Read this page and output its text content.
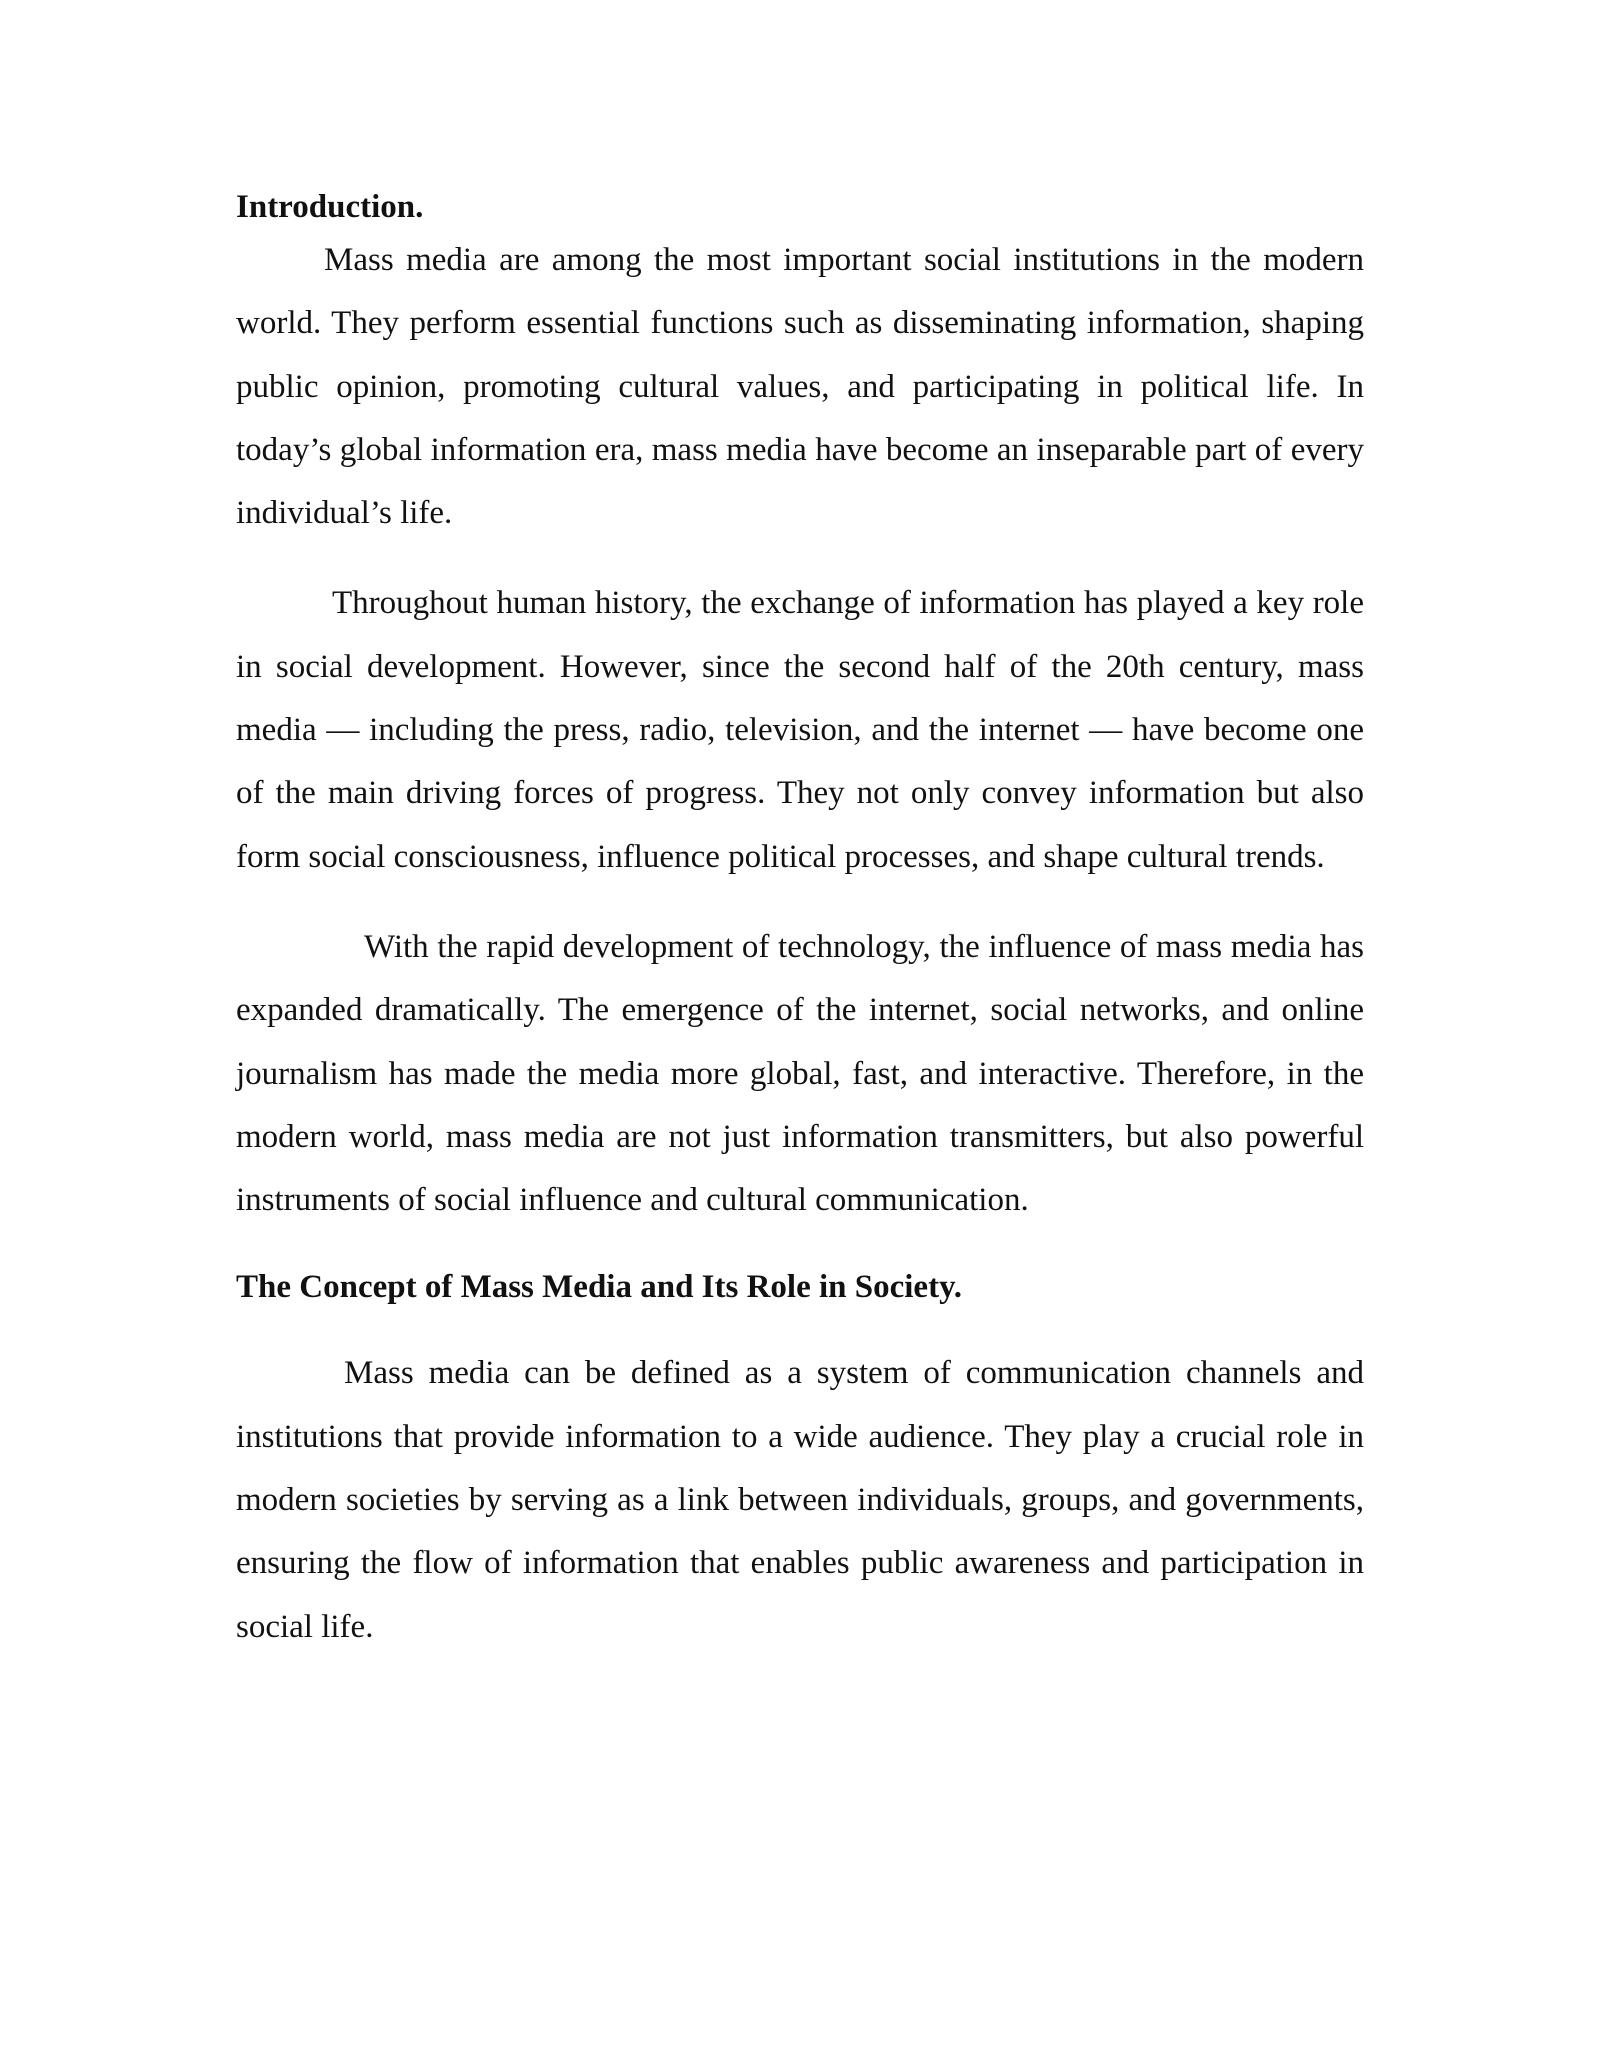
Introduction.

Mass media are among the most important social institutions in the modern world. They perform essential functions such as disseminating information, shaping public opinion, promoting cultural values, and participating in political life. In today’s global information era, mass media have become an inseparable part of every individual’s life.

Throughout human history, the exchange of information has played a key role in social development. However, since the second half of the 20th century, mass media — including the press, radio, television, and the internet — have become one of the main driving forces of progress. They not only convey information but also form social consciousness, influence political processes, and shape cultural trends.

With the rapid development of technology, the influence of mass media has expanded dramatically. The emergence of the internet, social networks, and online journalism has made the media more global, fast, and interactive. Therefore, in the modern world, mass media are not just information transmitters, but also powerful instruments of social influence and cultural communication.

The Concept of Mass Media and Its Role in Society.

Mass media can be defined as a system of communication channels and institutions that provide information to a wide audience. They play a crucial role in modern societies by serving as a link between individuals, groups, and governments, ensuring the flow of information that enables public awareness and participation in social life.
